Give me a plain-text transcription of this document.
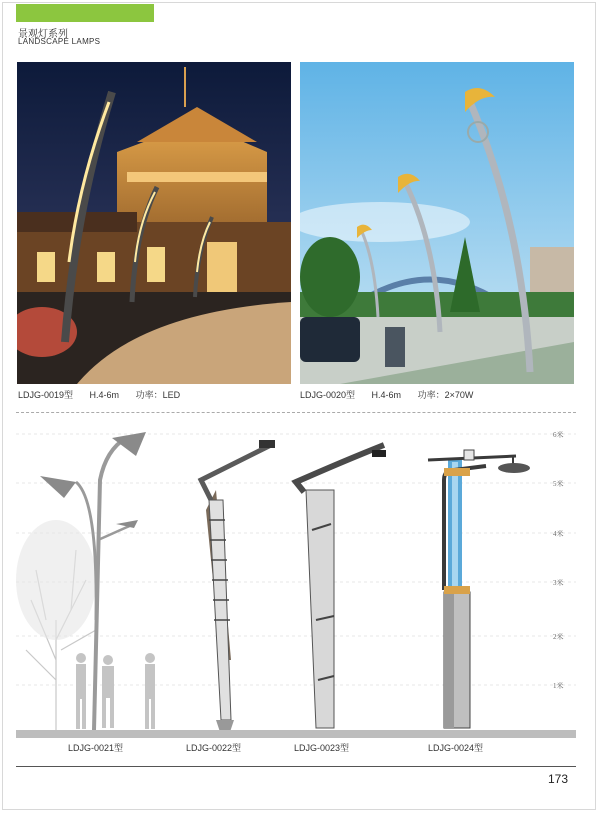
景观灯系列
LANDSCAPE LAMPS
LDJG-0019型 H.4-6m 功率：LED	LDJG-0020型 H.4-6m 功率：2×70W
6米
5米
4米
3米
2米
1米
LDJG-0021型	LDJG-0022型	LDJG-0023型	LDJG-0024型
173
